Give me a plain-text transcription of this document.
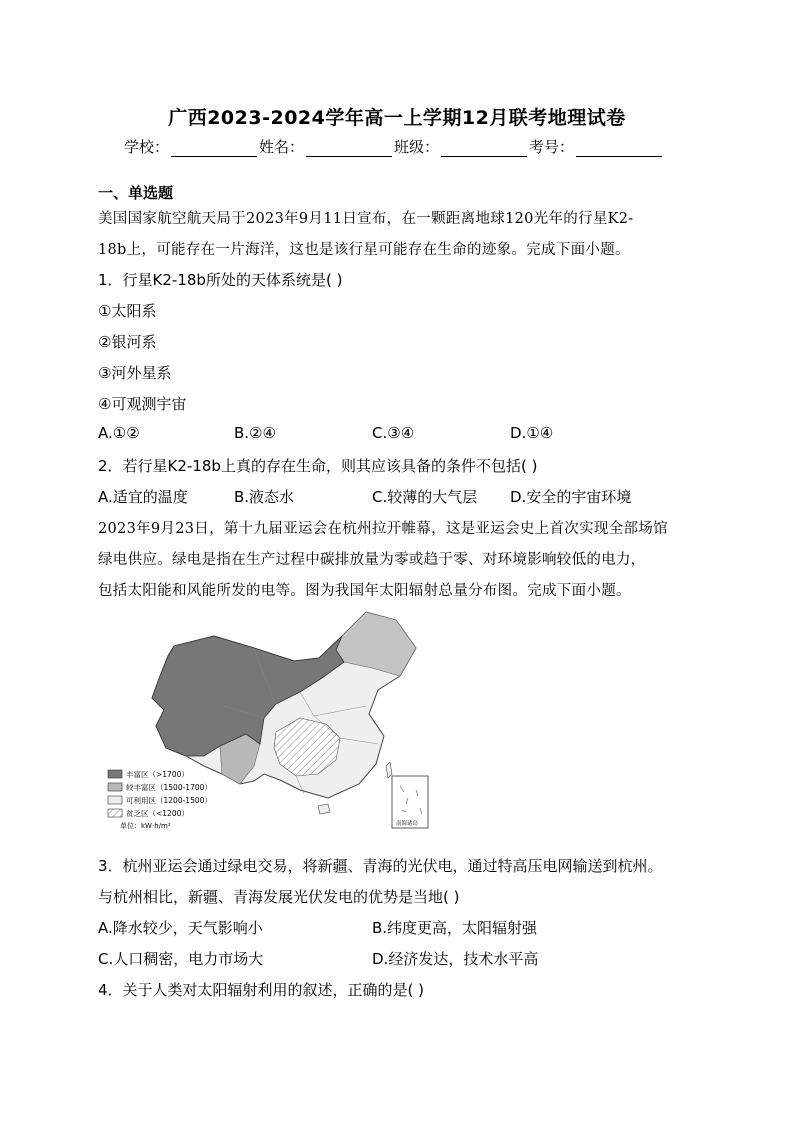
广西2023-2024学年高一上学期12月联考地理试卷
学校：	姓名：	班级：	考号：
一、单选题
美国国家航空航天局于2023年9月11日宣布，在一颗距离地球120光年的行星K2-
18b上，可能存在一片海洋，这也是该行星可能存在生命的迹象。完成下面小题。
1．行星K2-18b所处的天体系统是( )
①太阳系
②银河系
③河外星系
④可观测宇宙
A.①②	B.②④	C.③④	D.①④
2．若行星K2-18b上真的存在生命，则其应该具备的条件不包括( )
A.适宜的温度	B.液态水	C.较薄的大气层 D.安全的宇宙环境
2023年9月23日，第十九届亚运会在杭州拉开帷幕，这是亚运会史上首次实现全部场馆
绿电供应。绿电是指在生产过程中碳排放量为零或趋于零、对环境影响较低的电力，
包括太阳能和风能所发的电等。图为我国年太阳辐射总量分布图。完成下面小题。
丰富区（>1700）
较丰富区（1500-1700）
可利用区（1200-1500）
贫乏区（<1200）
单位：kW·h/m²	南海诸岛
3．杭州亚运会通过绿电交易，将新疆、青海的光伏电，通过特高压电网输送到杭州。
与杭州相比，新疆、青海发展光伏发电的优势是当地( )
A.降水较少，天气影响小	B.纬度更高，太阳辐射强
C.人口稠密，电力市场大	D.经济发达，技术水平高
4．关于人类对太阳辐射利用的叙述，正确的是( )
